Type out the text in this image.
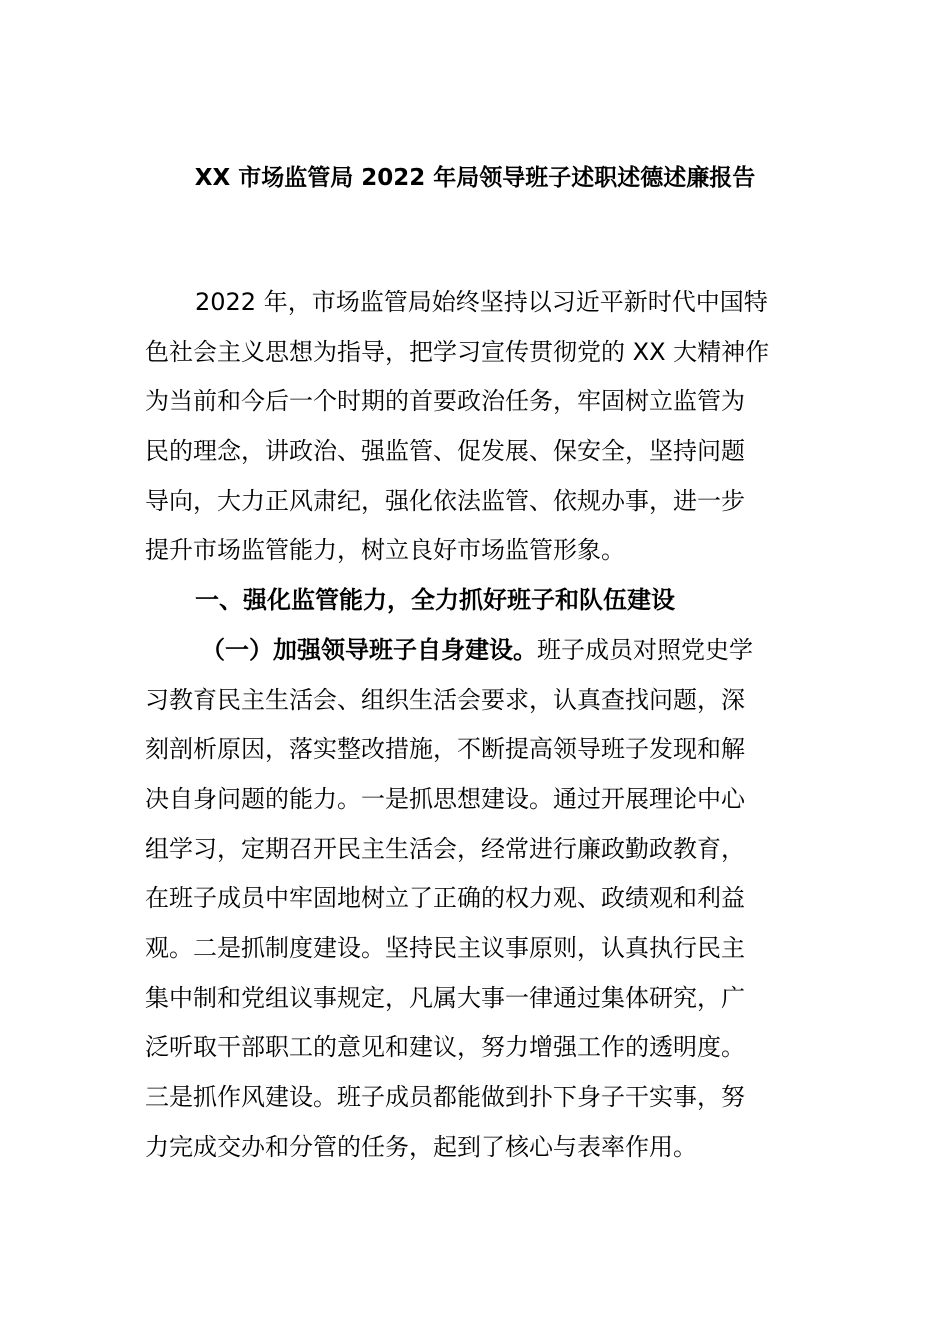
XX 市场监管局 2022 年局领导班子述职述德述廉报告
2022 年，市场监管局始终坚持以习近平新时代中国特
色社会主义思想为指导，把学习宣传贯彻党的 XX 大精神作
为当前和今后一个时期的首要政治任务，牢固树立监管为
民的理念，讲政治、强监管、促发展、保安全，坚持问题
导向，大力正风肃纪，强化依法监管、依规办事，进一步
提升市场监管能力，树立良好市场监管形象。
一、强化监管能力，全力抓好班子和队伍建设
（一）加强领导班子自身建设。班子成员对照党史学
习教育民主生活会、组织生活会要求，认真查找问题，深
刻剖析原因，落实整改措施，不断提高领导班子发现和解
决自身问题的能力。一是抓思想建设。通过开展理论中心
组学习，定期召开民主生活会，经常进行廉政勤政教育，
在班子成员中牢固地树立了正确的权力观、政绩观和利益
观。二是抓制度建设。坚持民主议事原则，认真执行民主
集中制和党组议事规定，凡属大事一律通过集体研究，广
泛听取干部职工的意见和建议，努力增强工作的透明度。
三是抓作风建设。班子成员都能做到扑下身子干实事，努
力完成交办和分管的任务，起到了核心与表率作用。
